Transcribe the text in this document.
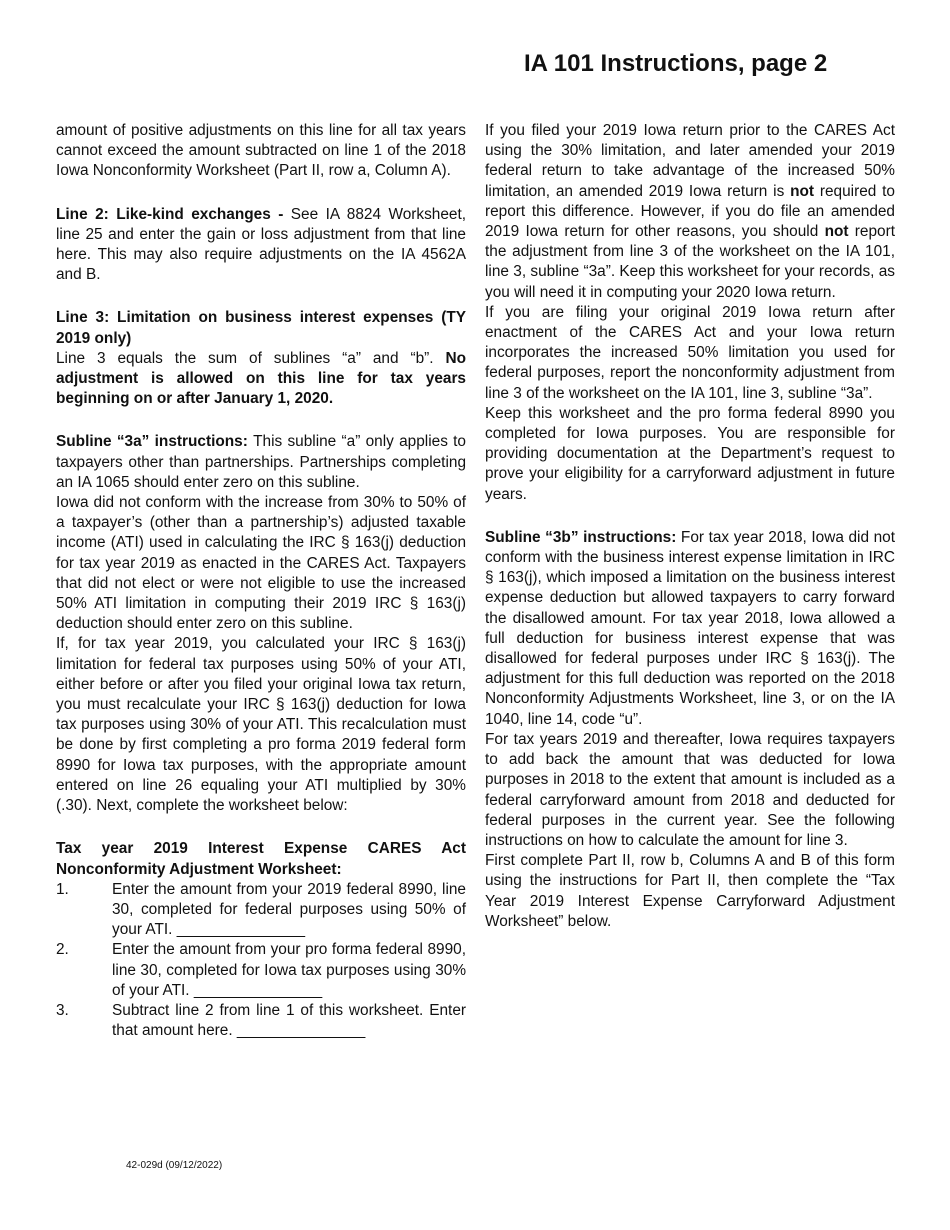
IA 101 Instructions, page 2

amount of positive adjustments on this line for all tax years cannot exceed the amount subtracted on line 1 of the 2018 Iowa Nonconformity Worksheet (Part II, row a, Column A).

Line 2: Like-kind exchanges - See IA 8824 Worksheet, line 25 and enter the gain or loss adjustment from that line here. This may also require adjustments on the IA 4562A and B.

Line 3: Limitation on business interest expenses (TY 2019 only)

Line 3 equals the sum of sublines “a” and “b”. No adjustment is allowed on this line for tax years beginning on or after January 1, 2020.

Subline “3a” instructions: This subline “a” only applies to taxpayers other than partnerships. Partnerships completing an IA 1065 should enter zero on this subline.

Iowa did not conform with the increase from 30% to 50% of a taxpayer’s (other than a partnership’s) adjusted taxable income (ATI) used in calculating the IRC § 163(j) deduction for tax year 2019 as enacted in the CARES Act. Taxpayers that did not elect or were not eligible to use the increased 50% ATI limitation in computing their 2019 IRC § 163(j) deduction should enter zero on this subline.

If, for tax year 2019, you calculated your IRC § 163(j) limitation for federal tax purposes using 50% of your ATI, either before or after you filed your original Iowa tax return, you must recalculate your IRC § 163(j) deduction for Iowa tax purposes using 30% of your ATI. This recalculation must be done by first completing a pro forma 2019 federal form 8990 for Iowa tax purposes, with the appropriate amount entered on line 26 equaling your ATI multiplied by 30% (.30). Next, complete the worksheet below:

Tax year 2019 Interest Expense CARES Act Nonconformity Adjustment Worksheet:

1.	Enter the amount from your 2019 federal 8990, line 30, completed for federal purposes using 50% of your ATI. _______________
2.	Enter the amount from your pro forma federal 8990, line 30, completed for Iowa tax purposes using 30% of your ATI. _______________
3.	Subtract line 2 from line 1 of this worksheet. Enter that amount here. _______________

If you filed your 2019 Iowa return prior to the CARES Act using the 30% limitation, and later amended your 2019 federal return to take advantage of the increased 50% limitation, an amended 2019 Iowa return is not required to report this difference. However, if you do file an amended 2019 Iowa return for other reasons, you should not report the adjustment from line 3 of the worksheet on the IA 101, line 3, subline “3a”. Keep this worksheet for your records, as you will need it in computing your 2020 Iowa return.

If you are filing your original 2019 Iowa return after enactment of the CARES Act and your Iowa return incorporates the increased 50% limitation you used for federal purposes, report the nonconformity adjustment from line 3 of the worksheet on the IA 101, line 3, subline “3a”.

Keep this worksheet and the pro forma federal 8990 you completed for Iowa purposes. You are responsible for providing documentation at the Department’s request to prove your eligibility for a carryforward adjustment in future years.

Subline “3b” instructions: For tax year 2018, Iowa did not conform with the business interest expense limitation in IRC § 163(j), which imposed a limitation on the business interest expense deduction but allowed taxpayers to carry forward the disallowed amount. For tax year 2018, Iowa allowed a full deduction for business interest expense that was disallowed for federal purposes under IRC § 163(j). The adjustment for this full deduction was reported on the 2018 Nonconformity Adjustments Worksheet, line 3, or on the IA 1040, line 14, code “u”.

For tax years 2019 and thereafter, Iowa requires taxpayers to add back the amount that was deducted for Iowa purposes in 2018 to the extent that amount is included as a federal carryforward amount from 2018 and deducted for federal purposes in the current year. See the following instructions on how to calculate the amount for line 3.

First complete Part II, row b, Columns A and B of this form using the instructions for Part II, then complete the “Tax Year 2019 Interest Expense Carryforward Adjustment Worksheet” below.

42-029d (09/12/2022)
